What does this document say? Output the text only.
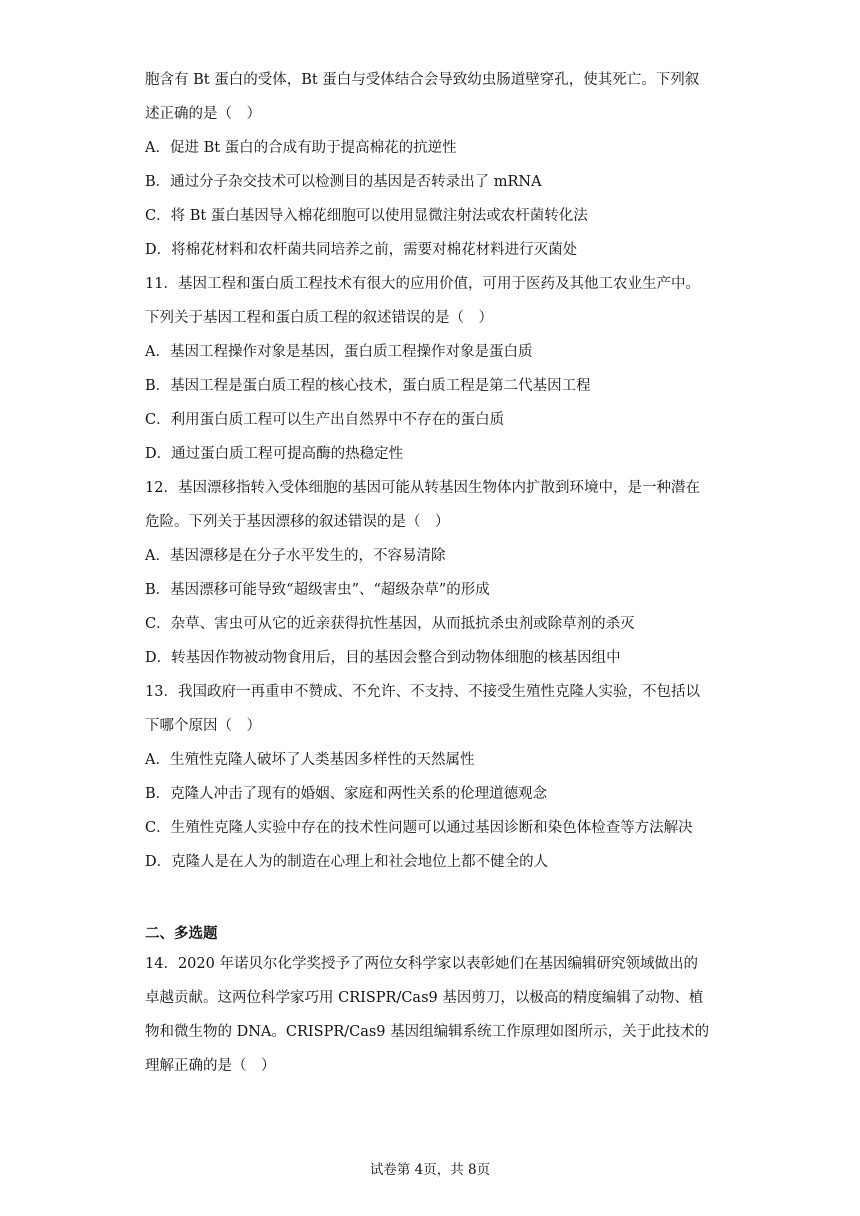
胞含有 Bt 蛋白的受体，Bt 蛋白与受体结合会导致幼虫肠道壁穿孔，使其死亡。下列叙
述正确的是（　）
A．促进 Bt 蛋白的合成有助于提高棉花的抗逆性
B．通过分子杂交技术可以检测目的基因是否转录出了 mRNA
C．将 Bt 蛋白基因导入棉花细胞可以使用显微注射法或农杆菌转化法
D．将棉花材料和农杆菌共同培养之前，需要对棉花材料进行灭菌处
11．基因工程和蛋白质工程技术有很大的应用价值，可用于医药及其他工农业生产中。
下列关于基因工程和蛋白质工程的叙述错误的是（　）
A．基因工程操作对象是基因，蛋白质工程操作对象是蛋白质
B．基因工程是蛋白质工程的核心技术，蛋白质工程是第二代基因工程
C．利用蛋白质工程可以生产出自然界中不存在的蛋白质
D．通过蛋白质工程可提高酶的热稳定性
12．基因漂移指转入受体细胞的基因可能从转基因生物体内扩散到环境中，是一种潜在
危险。下列关于基因漂移的叙述错误的是（　）
A．基因漂移是在分子水平发生的，不容易清除
B．基因漂移可能导致“超级害虫”、“超级杂草”的形成
C．杂草、害虫可从它的近亲获得抗性基因，从而抵抗杀虫剂或除草剂的杀灭
D．转基因作物被动物食用后，目的基因会整合到动物体细胞的核基因组中
13．我国政府一再重申不赞成、不允许、不支持、不接受生殖性克隆人实验，不包括以
下哪个原因（　）
A．生殖性克隆人破坏了人类基因多样性的天然属性
B．克隆人冲击了现有的婚姻、家庭和两性关系的伦理道德观念
C．生殖性克隆人实验中存在的技术性问题可以通过基因诊断和染色体检查等方法解决
D．克隆人是在人为的制造在心理上和社会地位上都不健全的人
二、多选题
14．2020 年诺贝尔化学奖授予了两位女科学家以表彰她们在基因编辑研究领域做出的
卓越贡献。这两位科学家巧用 CRISPR/Cas9 基因剪刀，以极高的精度编辑了动物、植
物和微生物的 DNA。CRISPR/Cas9 基因组编辑系统工作原理如图所示，关于此技术的
理解正确的是（　）
试卷第 4页，共 8页
